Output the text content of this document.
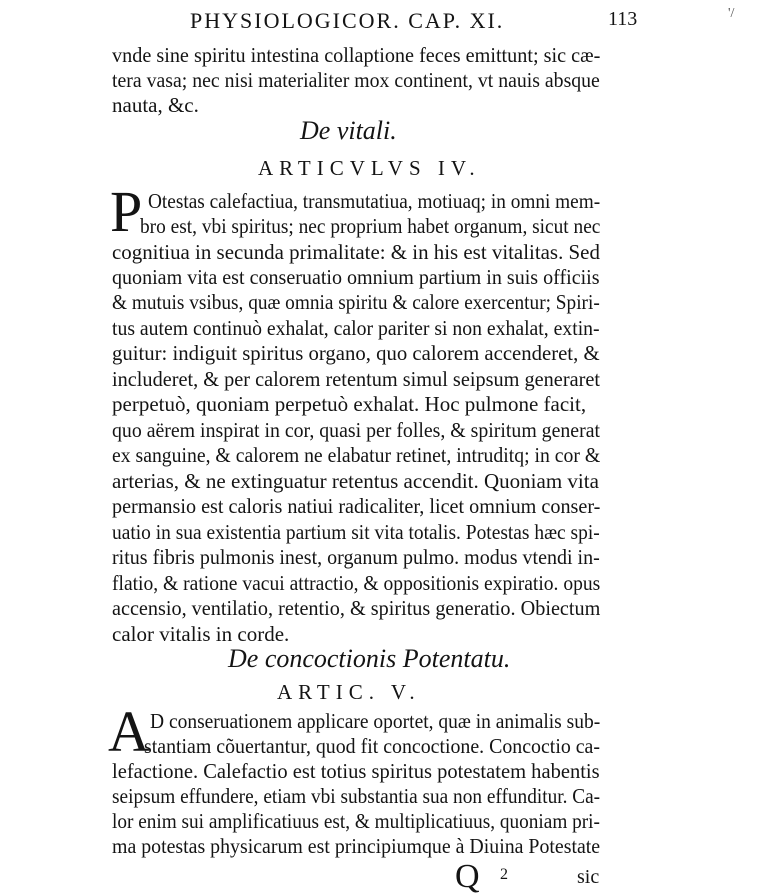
PHYSIOLOGICOR. CAP. XI.	113	'/
vnde sine spiritu intestina collaptione feces emittunt; sic cæ-
tera vasa; nec nisi materialiter mox continent, vt nauis absque
nauta, &c.
De vitali.
ARTICVLVS IV.
P Otestas calefactiua, transmutatiua, motiuaq; in omni mem-
bro est, vbi spiritus; nec proprium habet organum, sicut nec
cognitiua in secunda primalitate: & in his est vitalitas. Sed
quoniam vita est conseruatio omnium partium in suis officiis
& mutuis vsibus, quæ omnia spiritu & calore exercentur; Spiri-
tus autem continuò exhalat, calor pariter si non exhalat, extin-
guitur: indiguit spiritus organo, quo calorem accenderet, &
includeret, & per calorem retentum simul seipsum generaret
perpetuò, quoniam perpetuò exhalat. Hoc pulmone facit,
quo aërem inspirat in cor, quasi per folles, & spiritum generat
ex sanguine, & calorem ne elabatur retinet, intruditq; in cor &
arterias, & ne extinguatur retentus accendit. Quoniam vita
permansio est caloris natiui radicaliter, licet omnium conser-
uatio in sua existentia partium sit vita totalis. Potestas hæc spi-
ritus fibris pulmonis inest, organum pulmo. modus vtendi in-
flatio, & ratione vacui attractio, & oppositionis expiratio. opus
accensio, ventilatio, retentio, & spiritus generatio. Obiectum
calor vitalis in corde.
De concoctionis Potentatu.
ARTIC. V.
A D conseruationem applicare oportet, quæ in animalis sub-
stantiam cõuertantur, quod fit concoctione. Concoctio ca-
lefactione. Calefactio est totius spiritus potestatem habentis
seipsum effundere, etiam vbi substantia sua non effunditur. Ca-
lor enim sui amplificatiuus est, & multiplicatiuus, quoniam pri-
ma potestas physicarum est principiumque à Diuina Potestate
Q 2	sic
